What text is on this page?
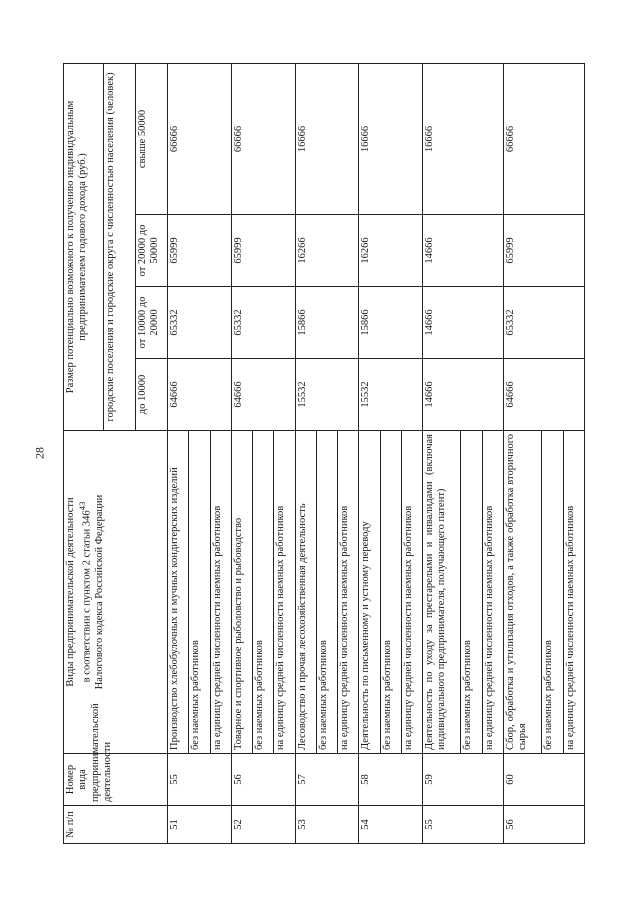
28
№ п/п	Номер вида предпринимательской деятельности	Виды предпринимательской деятельности в соответствии с пунктом 2 статьи $346^{43}$ Налогового кодекса Российской Федерации	Размер потенциально возможного к получению индивидуальным предпринимателем годового дохода (руб.)			
			городские поселения и городские округа с численностью населения (человек)			
			до 10000	от 10000 до 20000	от 20000 до 50000	свыше 50000
51	55	Производство хлебобулочных и мучных кондитерских изделий	64666	65332	65999	66666
		без наемных работников				
		на единицу средней численности наемных работников				
52	56	Товарное и спортивное рыболовство и рыбоводство	64666	65332	65999	66666
		без наемных работников				
		на единицу средней численности наемных работников				
53	57	Лесоводство и прочая лесохозяйственная деятельность	15532	15866	16266	16666
		без наемных работников				
		на единицу средней численности наемных работников				
54	58	Деятельность по письменному и устному переводу	15532	15866	16266	16666
		без наемных работников				
		на единицу средней численности наемных работников				
55	59	Деятельность по уходу за престарелыми и инвалидами (включая индивидуального предпринимателя, получающего патент)	14666	14666	14666	16666
		без наемных работников				
		на единицу средней численности наемных работников				
56	60	Сбор, обработка и утилизация отходов, а также обработка вторичного сырья	64666	65332	65999	66666
		без наемных работников				
		на единицу средней численности наемных работников				
